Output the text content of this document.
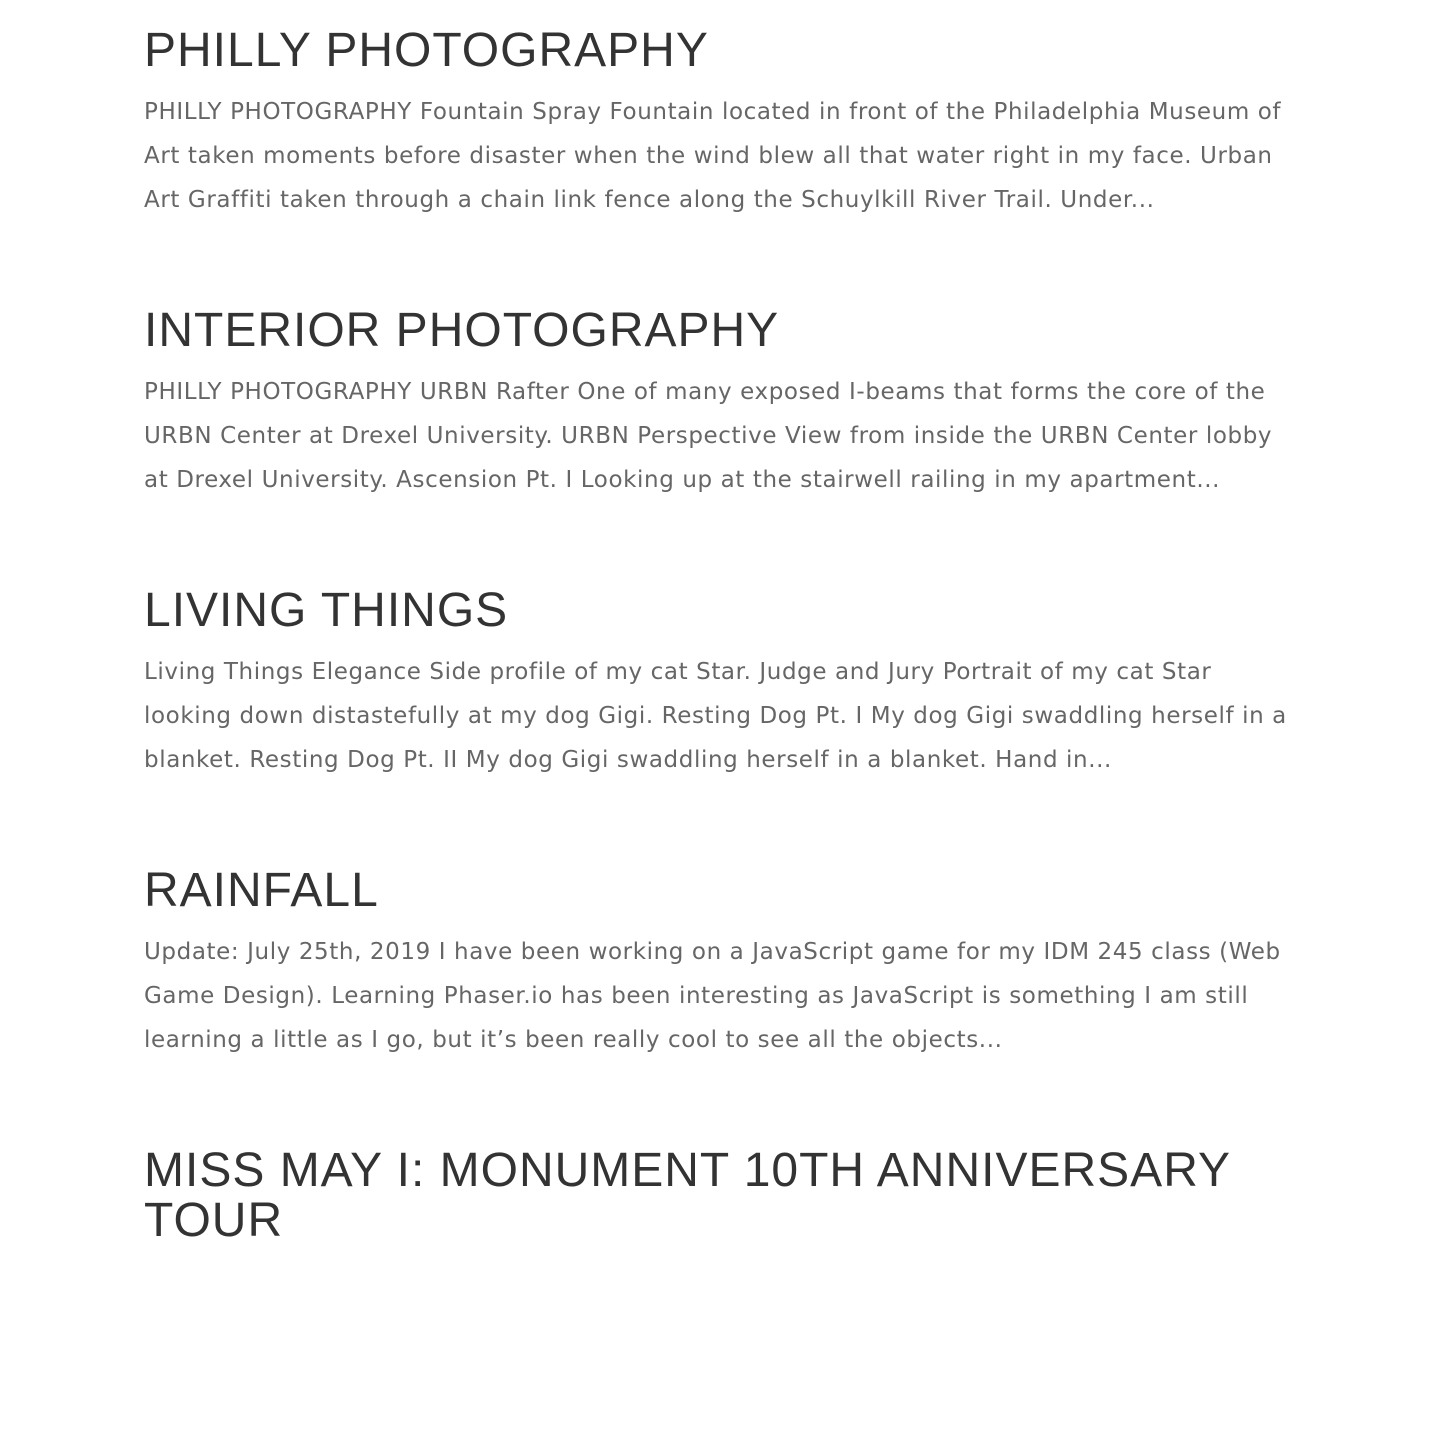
PHILLY PHOTOGRAPHY

PHILLY PHOTOGRAPHY Fountain Spray Fountain located in front of the Philadelphia Museum of Art taken moments before disaster when the wind blew all that water right in my face. Urban Art Graffiti taken through a chain link fence along the Schuylkill River Trail. Under...

INTERIOR PHOTOGRAPHY

PHILLY PHOTOGRAPHY URBN Rafter One of many exposed I-beams that forms the core of the URBN Center at Drexel University. URBN Perspective View from inside the URBN Center lobby at Drexel University. Ascension Pt. I Looking up at the stairwell railing in my apartment...

LIVING THINGS

Living Things Elegance Side profile of my cat Star. Judge and Jury Portrait of my cat Star looking down distastefully at my dog Gigi. Resting Dog Pt. I My dog Gigi swaddling herself in a blanket. Resting Dog Pt. II My dog Gigi swaddling herself in a blanket. Hand in...

RAINFALL

Update: July 25th, 2019 I have been working on a JavaScript game for my IDM 245 class (Web Game Design). Learning Phaser.io has been interesting as JavaScript is something I am still learning a little as I go, but it’s been really cool to see all the objects...

MISS MAY I: MONUMENT 10TH ANNIVERSARY TOUR
